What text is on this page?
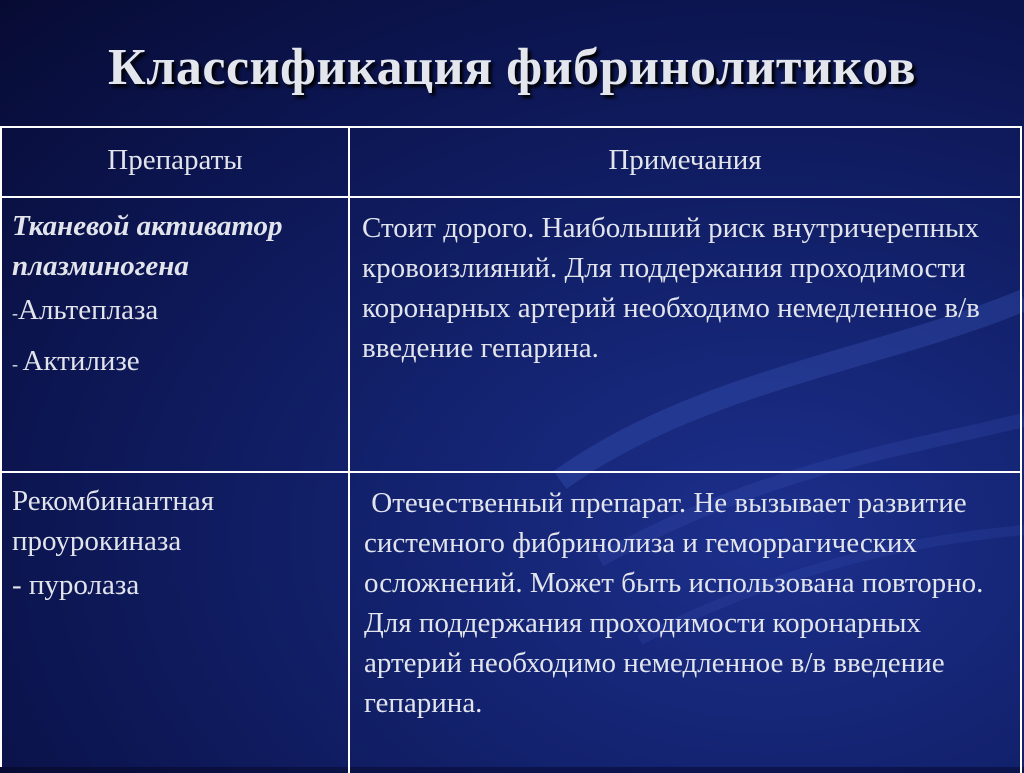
Классификация фибринолитиков
Препараты	Примечания
Тканевой активатор плазминогена
-Альтеплаза
- Актилизе
Стоит дорого. Наибольший риск внутричерепных кровоизлияний. Для поддержания проходимости коронарных артерий необходимо немедленное в/в введение гепарина.
Рекомбинантная проурокиназа
- пуролаза
Отечественный препарат. Не вызывает развитие системного фибринолиза и геморрагических осложнений. Может быть использована повторно. Для поддержания проходимости коронарных артерий необходимо немедленное в/в введение гепарина.
